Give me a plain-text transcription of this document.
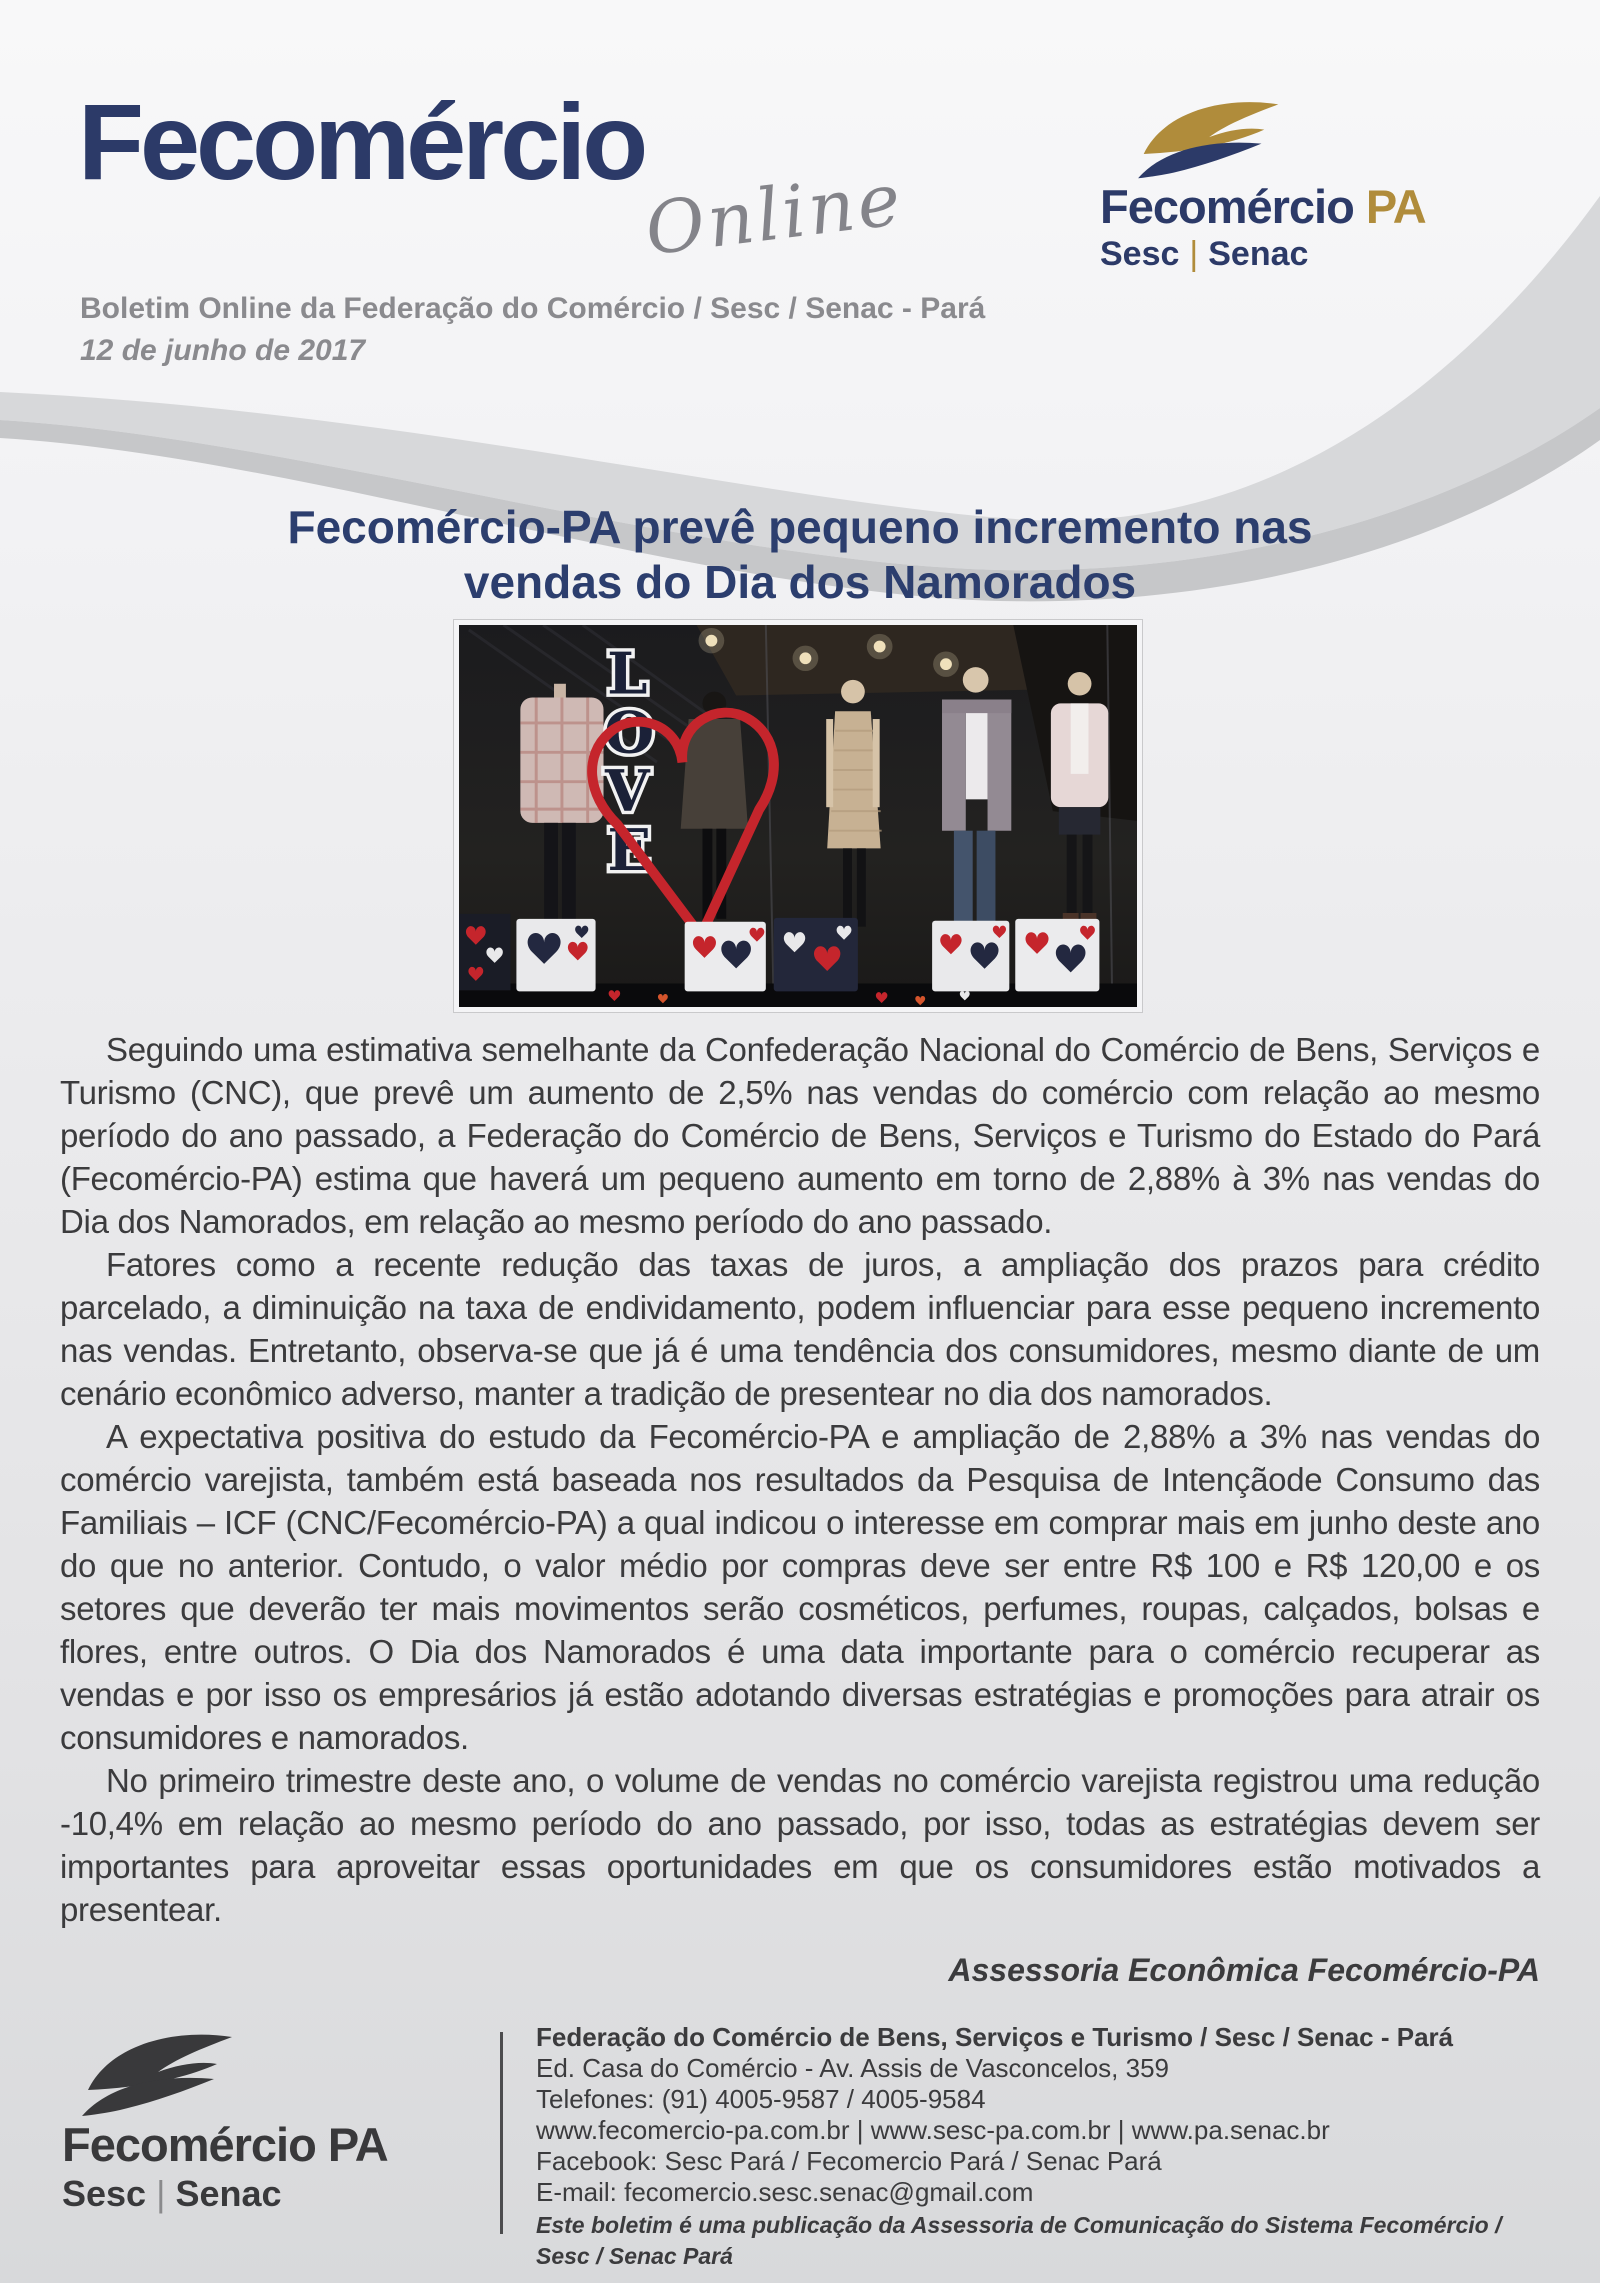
Fecomércio
Online
Boletim Online da Federação do Comércio / Sesc / Senac - Pará
12 de junho de 2017
Fecomércio PA
Sesc | Senac
Fecomércio-PA prevê pequeno incremento nas
vendas do Dia dos Namorados
L
O
V
E

Seguindo uma estimativa semelhante da Confederação Nacional do Comércio de Bens, Serviços e Turismo (CNC), que prevê um aumento de 2,5% nas vendas do comércio com relação ao mesmo período do ano passado, a Federação do Comércio de Bens, Serviços e Turismo do Estado do Pará (Fecomércio-PA) estima que haverá um pequeno aumento em torno de 2,88% à 3% nas vendas do Dia dos Namorados, em relação ao mesmo período do ano passado.

Fatores como a recente redução das taxas de juros, a ampliação dos prazos para crédito parcelado, a diminuição na taxa de endividamento, podem influenciar para esse pequeno incremento nas vendas. Entretanto, observa-se que já é uma tendência dos consumidores, mesmo diante de um cenário econômico adverso, manter a tradição de presentear no dia dos namorados.

A expectativa positiva do estudo da Fecomércio-PA e ampliação de 2,88% a 3% nas vendas do comércio varejista, também está baseada nos resultados da Pesquisa de Intençãode Consumo das Familiais – ICF (CNC/Fecomércio-PA) a qual indicou o interesse em comprar mais em junho deste ano do que no anterior. Contudo, o valor médio por compras deve ser entre R$ 100 e R$ 120,00 e os setores que deverão ter mais movimentos serão cosméticos, perfumes, roupas, calçados, bolsas e flores, entre outros. O Dia dos Namorados é uma data importante para o comércio recuperar as vendas e por isso os empresários já estão adotando diversas estratégias e promoções para atrair os consumidores e namorados.

No primeiro trimestre deste ano, o volume de vendas no comércio varejista registrou uma redução -10,4% em relação ao mesmo período do ano passado, por isso, todas as estratégias devem ser importantes para aproveitar essas oportunidades em que os consumidores estão motivados a presentear.

Assessoria Econômica Fecomércio-PA
Fecomércio PA
Sesc | Senac
Federação do Comércio de Bens, Serviços e Turismo / Sesc / Senac - Pará
Ed. Casa do Comércio - Av. Assis de Vasconcelos, 359
Telefones: (91) 4005-9587 / 4005-9584
www.fecomercio-pa.com.br | www.sesc-pa.com.br | www.pa.senac.br
Facebook: Sesc Pará / Fecomercio Pará / Senac Pará
E-mail: fecomercio.sesc.senac@gmail.com
Este boletim é uma publicação da Assessoria de Comunicação do Sistema Fecomércio / Sesc / Senac Pará
